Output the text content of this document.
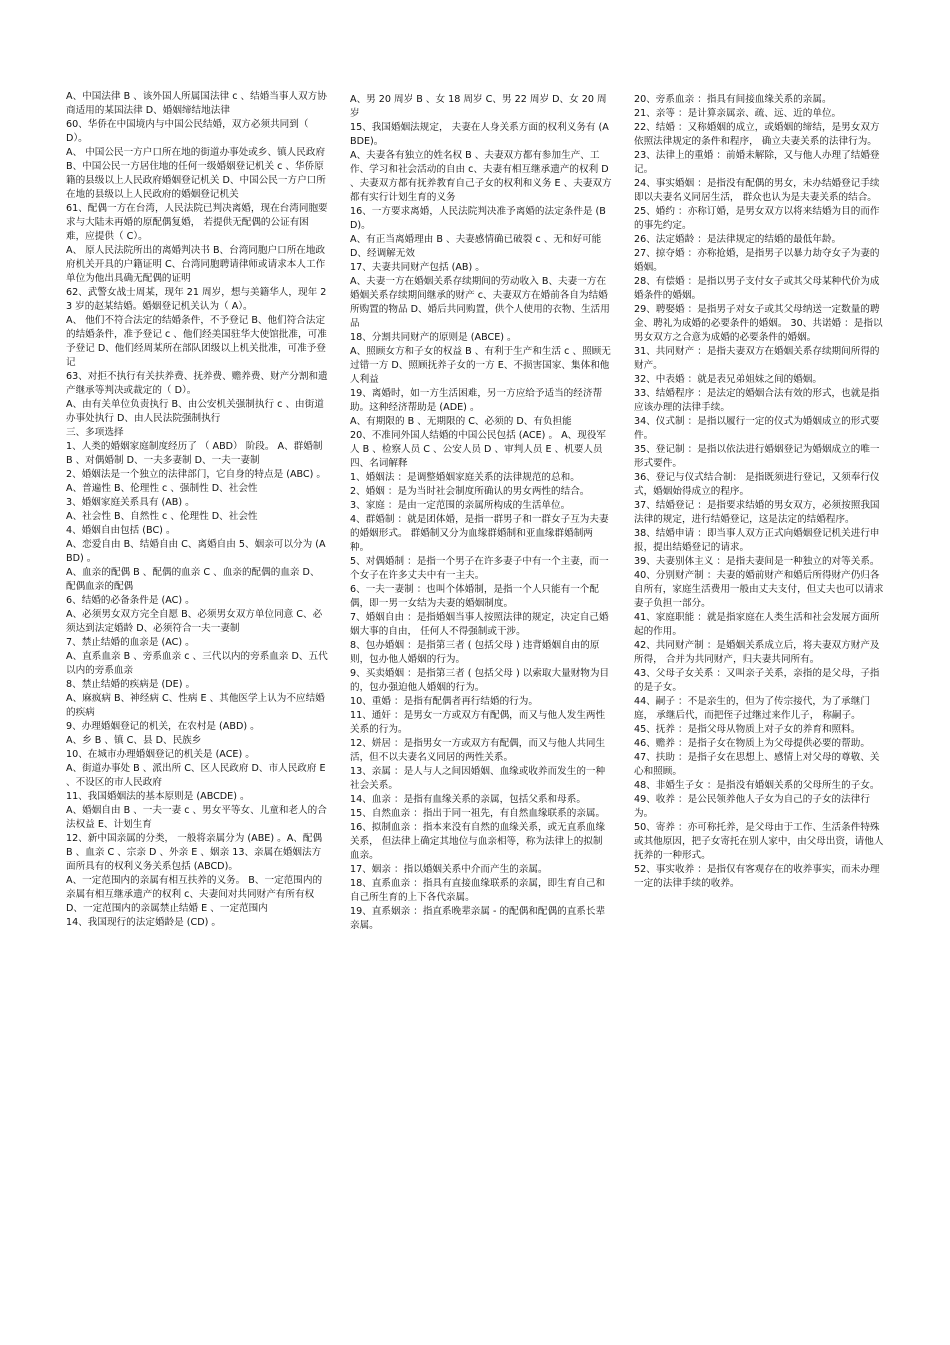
A、中国法律 B 、该外国人所属国法律 c 、结婚当事人双方协商适用的某国法律 D、婚姻缔结地法律

60、华侨在中国境内与中国公民结婚，双方必须共同到（ D）。

A、 中国公民一方户口所在地的街道办事处或乡、镇人民政府 B、中国公民一方居住地的任何一级婚姻登记机关 c 、华侨原籍的县级以上人民政府婚姻登记机关 D、中国公民一方户口所在地的县级以上人民政府的婚姻登记机关

61、配偶一方在台湾，人民法院已判决离婚，现在台湾同胞要求与大陆未再婚的原配偶复婚， 若提供无配偶的公证有困难，应提供（ C）。

A、 原人民法院所出的离婚判决书 B、台湾同胞户口所在地政府机关开具的户籍证明 C、台湾同胞聘请律师或请求本人工作单位为他出具确无配偶的证明

62、武警女战士周某，现年 21 周岁，想与美籍华人，现年 23 岁的赵某结婚。婚姻登记机关认为（ A）。

A、 他们不符合法定的结婚条件，不予登记 B、他们符合法定的结婚条件，准予登记 c 、他们经美国驻华大使馆批准，可准予登记 D、他们经周某所在部队团级以上机关批准，可准予登记

63、对拒不执行有关扶养费、抚养费、赡养费、财产分割和遗产继承等判决或裁定的（ D）。

A、由有关单位负责执行 B、由公安机关强制执行 c 、由街道办事处执行 D、由人民法院强制执行

三、多项选择

1、人类的婚姻家庭制度经历了 （ ABD） 阶段。 A、群婚制 B 、对偶婚制 D、一夫多妻制 D、一夫一妻制

2、婚姻法是一个独立的法律部门，它自身的特点是 (ABC) 。

A、普遍性 B、伦理性 c 、强制性 D、社会性

3、婚姻家庭关系具有 (AB) 。

A、社会性 B、自然性 c 、伦理性 D、社会性

4、婚姻自由包括 (BC) 。

A、恋爱自由 B、结婚自由 C、离婚自由 5、姻亲可以分为 (ABD) 。

A、血亲的配偶 B 、配偶的血亲 C 、血亲的配偶的血亲 D、配偶血亲的配偶

6、结婚的必备条件是 (AC) 。

A、必须男女双方完全自愿 B、必须男女双方单位同意 C、必须达到法定婚龄 D、必须符合一夫一妻制

7、禁止结婚的血亲是 (AC) 。

A、直系血亲 B 、旁系血亲 c 、三代以内的旁系血亲 D、五代以内的旁系血亲

8、禁止结婚的疾病是 (DE) 。

A、麻疯病 B、神经病 C、性病 E 、其他医学上认为不应结婚的疾病

9、办理婚姻登记的机关，在农村是 (ABD) 。

A、乡 B 、镇 C、县 D、民族乡

10、在城市办理婚姻登记的机关是 (ACE) 。

A、街道办事处 B 、派出所 C、区人民政府 D、市人民政府 E 、不设区的市人民政府

11、我国婚姻法的基本原则是 (ABCDE) 。

A、婚姻自由 B 、一夫一妻 c 、男女平等女、儿童和老人的合法权益 E、计划生育

12、新中国亲属的分类， 一般将亲属分为 (ABE) 。A、配偶 B 、血亲 C 、宗亲 D 、外亲 E 、姻亲 13、亲属在婚姻法方面所具有的权利义务关系包括 (ABCD)。

A、一定范围内的亲属有相互扶养的义务。 B、一定范围内的亲属有相互继承遗产的权利 c、夫妻间对共同财产有所有权 D、一定范围内的亲属禁止结婚 E 、一定范围内

14、我国现行的法定婚龄是 (CD) 。

A、男 20 周岁 B 、女 18 周岁 C、男 22 周岁 D、女 20 周岁

15、我国婚姻法规定， 夫妻在人身关系方面的权利义务有 (ABDE)。

A、夫妻各有独立的姓名权 B 、夫妻双方都有参加生产、工作、学习和社会活动的自由 c、夫妻有相互继承遗产的权利 D 、夫妻双方都有抚养教育自己子女的权利和义务 E 、夫妻双方都有实行计划生育的义务

16、一方要求离婚，人民法院判决准予离婚的法定条件是 (BD)。

A、有正当离婚理由 B 、夫妻感情确已破裂 c 、无和好可能 D、经调解无效

17、夫妻共同财产包括 (AB) 。

A、夫妻一方在婚姻关系存续期间的劳动收入 B、夫妻一方在婚姻关系存续期间继承的财产 c、夫妻双方在婚前各自为结婚所购置的物品 D、婚后共同购置，供个人使用的衣物、生活用品

18、分割共同财产的原则是 (ABCE) 。

A、照顾女方和子女的权益 B 、有利于生产和生活 c 、照顾无过错一方 D、照顾抚养子女的一方 E、不损害国家、集体和他人利益

19、离婚时，如一方生活困难，另一方应给予适当的经济帮助。这种经济帮助是 (ADE) 。

A、有期限的 B 、无期限的 C、必须的 D、有负担能

20、不准同外国人结婚的中国公民包括 (ACE) 。 A、现役军人 B 、检察人员 C 、公安人员 D 、审判人员 E 、机要人员

四、名词解释

1、婚姻法 ：是调整婚姻家庭关系的法律规范的总和。

2、婚姻 ：是为当时社会制度所确认的男女两性的结合。

3、家庭 ：是由一定范围的亲属所构成的生活单位。

4、群婚制 ：就是团体婚，是指一群男子和一群女子互为夫妻的婚姻形式。 群婚制又分为血缘群婚制和亚血缘群婚制两种。

5、对偶婚制 ：是指一个男子在许多妻子中有一个主妻，而一个女子在许多丈夫中有一主夫。

6、一夫一妻制 ：也叫个体婚制，是指一个人只能有一个配偶，即一男一女结为夫妻的婚姻制度。

7、婚姻自由 ：是指婚姻当事人按照法律的规定，决定自己婚姻大事的自由， 任何人不得强制或干涉。

8、包办婚姻 ：是指第三者 ( 包括父母 ) 违背婚姻自由的原则，包办他人婚姻的行为。

9、买卖婚姻 ：是指第三者 ( 包括父母 ) 以索取大量财物为目的，包办强迫他人婚姻的行为。

10、重婚 ：是指有配偶者再行结婚的行为。

11、通奸 ：是男女一方或双方有配偶，而又与他人发生两性关系的行为。

12、姘居 ：是指男女一方或双方有配偶，而又与他人共同生活，但不以夫妻名义同居的两性关系。

13、亲属 ：是人与人之间因婚姻、血缘或收养而发生的一种社会关系。

14、血亲 ：是指有血缘关系的亲属，包括父系和母系。

15、自然血亲 ：指出于同一祖先，有自然血缘联系的亲属。

16、拟制血亲 ：指本来没有自然的血缘关系，或无直系血缘关系， 但法律上确定其地位与血亲相等，称为法律上的拟制血亲。

17、姻亲 ：指以婚姻关系中介而产生的亲属。

18、直系血亲 ：指具有直接血缘联系的亲属，即生育自己和自己所生育的上下各代亲属。

19、直系姻亲 ：指直系晚辈亲属 - 的配偶和配偶的直系长辈亲属。

20、旁系血亲 ：指具有间接血缘关系的亲属。

21、亲等 ：是计算亲属亲、疏、远、近的单位。

22、结婚 ：又称婚姻的成立，或婚姻的缔结，是男女双方依照法律规定的条件和程序， 确立夫妻关系的法律行为。

23、法律上的重婚 ：前婚未解除，又与他人办理了结婚登记。

24、事实婚姻 ：是指没有配偶的男女，未办结婚登记手续即以夫妻名义同居生活， 群众也认为是夫妻关系的结合。

25、婚约 ：亦称订婚，是男女双方以将来结婚为目的而作的事先约定。

26、法定婚龄 ：是法律规定的结婚的最低年龄。

27、掠夺婚 ：亦称抢婚，是指男子以暴力劫夺女子为妻的婚姻。

28、有偿婚 ：是指以男子支付女子或其父母某种代价为成婚条件的婚姻。

29、聘娶婚 ：是指男子对女子或其父母纳送一定数量的聘金、聘礼为成婚的必要条件的婚姻。 30、共诺婚 ：是指以男女双方之合意为成婚的必要条件的婚姻。

31、共同财产 ：是指夫妻双方在婚姻关系存续期间所得的财产。

32、中表婚 ：就是表兄弟姐妹之间的婚姻。

33、结婚程序 ：是法定的婚姻合法有效的形式，也就是指应该办理的法律手续。

34、仪式制 ：是指以履行一定的仪式为婚姻成立的形式要件。

35、登记制 ：是指以依法进行婚姻登记为婚姻成立的唯一形式要件。

36、登记与仪式结合制： 是指既须进行登记，又须奉行仪式，婚姻始得成立的程序。

37、结婚登记 ：是指要求结婚的男女双方，必须按照我国法律的规定，进行结婚登记，这是法定的结婚程序。

38、结婚申请 ：即当事人双方正式向婚姻登记机关进行申报，提出结婚登记的请求。

39、夫妻别体主义 ：是指夫妻间是一种独立的对等关系。

40、分别财产制 ：夫妻的婚前财产和婚后所得财产仍归各自所有，家庭生活费用一般由丈夫支付，但丈夫也可以请求妻子负担一部分。

41、家庭职能 ：就是指家庭在人类生活和社会发展方面所起的作用。

42、共同财产制 ：是婚姻关系成立后，将夫妻双方财产及所得， 合并为共同财产，归夫妻共同所有。

43、父母子女关系 ：又叫亲子关系，亲指的是父母，子指的是子女。

44、嗣子 ：不是亲生的，但为了传宗接代，为了承继门庭， 承继后代，而把侄子过继过来作儿子， 称嗣子。

45、抚养 ：是指父母从物质上对子女的养育和照料。

46、赡养 ：是指子女在物质上为父母提供必要的帮助。

47、扶助 ：是指子女在思想上、感情上对父母的尊敬、关心和照顾。

48、非婚生子女 ：是指没有婚姻关系的父母所生的子女。

49、收养 ：是公民领养他人子女为自己的子女的法律行为。

50、寄养 ：亦可称托养，是父母由于工作、生活条件特殊或其他原因，把子女寄托在别人家中，由父母出资，请他人抚养的一种形式。

52、事实收养 ：是指仅有客观存在的收养事实，而未办理一定的法律手续的收养。
